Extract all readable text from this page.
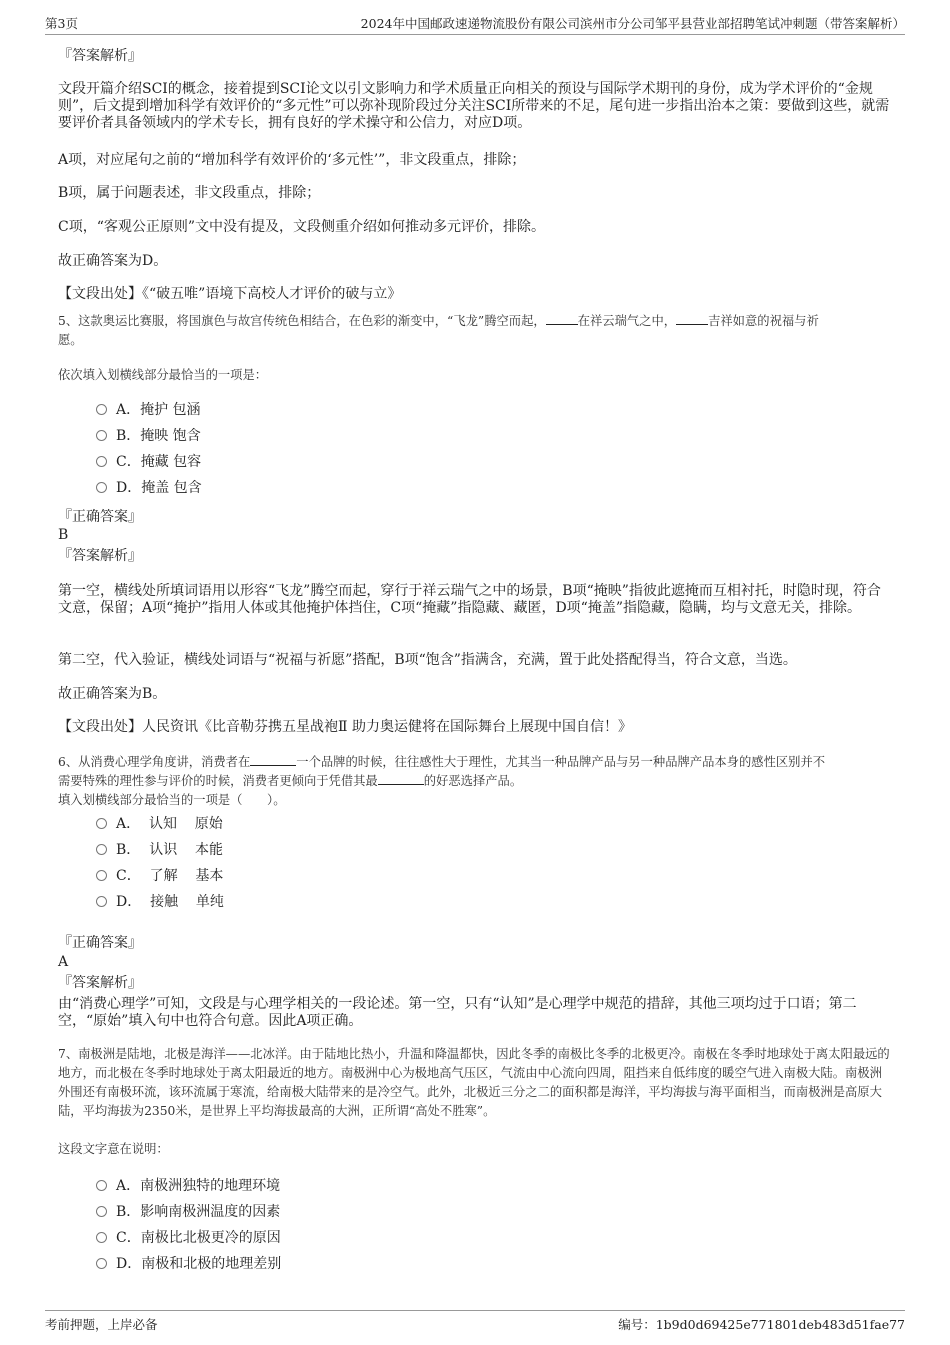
第3页	2024年中国邮政速递物流股份有限公司滨州市分公司邹平县营业部招聘笔试冲刺题（带答案解析）
『答案解析』
文段开篇介绍SCI的概念，接着提到SCI论文以引文影响力和学术质量正向相关的预设与国际学术期刊的身份，成为学术评价的“金规则”，后文提到增加科学有效评价的“多元性”可以弥补现阶段过分关注SCI所带来的不足，尾句进一步指出治本之策：要做到这些，就需要评价者具备领域内的学术专长，拥有良好的学术操守和公信力，对应D项。
A项，对应尾句之前的“增加科学有效评价的‘多元性’”，非文段重点，排除；
B项，属于问题表述，非文段重点，排除；
C项，“客观公正原则”文中没有提及，文段侧重介绍如何推动多元评价，排除。
故正确答案为D。
【文段出处】《“破五唯”语境下高校人才评价的破与立》
5、这款奥运比赛服，将国旗色与故宫传统色相结合，在色彩的渐变中，“飞龙”腾空而起，	在祥云瑞气之中，	吉祥如意的祝福与祈
愿。
依次填入划横线部分最恰当的一项是：
A．掩护 包涵
B．掩映 饱含
C．掩藏 包容
D．掩盖 包含
『正确答案』
B
『答案解析』
第一空，横线处所填词语用以形容“飞龙”腾空而起，穿行于祥云瑞气之中的场景，B项“掩映”指彼此遮掩而互相衬托，时隐时现，符合文意，保留；A项“掩护”指用人体或其他掩护体挡住，C项“掩藏”指隐藏、藏匿，D项“掩盖”指隐藏，隐瞒，均与文意无关，排除。
第二空，代入验证，横线处词语与“祝福与祈愿”搭配，B项“饱含”指满含，充满，置于此处搭配得当，符合文意，当选。
故正确答案为B。
【文段出处】人民资讯《比音勒芬携五星战袍Ⅱ 助力奥运健将在国际舞台上展现中国自信！》
6、从消费心理学角度讲，消费者在	一个品牌的时候，往往感性大于理性，尤其当一种品牌产品与另一种品牌产品本身的感性区别并不
需要特殊的理性参与评价的时候，消费者更倾向于凭借其最	的好恶选择产品。
填入划横线部分最恰当的一项是（　　）。
A．  认知    原始
B．  认识    本能
C．  了解    基本
D．  接触    单纯
『正确答案』
A
『答案解析』
由“消费心理学”可知，文段是与心理学相关的一段论述。第一空，只有“认知”是心理学中规范的措辞，其他三项均过于口语；第二空，“原始”填入句中也符合句意。因此A项正确。
7、南极洲是陆地，北极是海洋——北冰洋。由于陆地比热小，升温和降温都快，因此冬季的南极比冬季的北极更冷。南极在冬季时地球处于离太阳最远的地方，而北极在冬季时地球处于离太阳最近的地方。南极洲中心为极地高气压区，气流由中心流向四周，阻挡来自低纬度的暖空气进入南极大陆。南极洲外围还有南极环流，该环流属于寒流，给南极大陆带来的是冷空气。此外，北极近三分之二的面积都是海洋，平均海拔与海平面相当，而南极洲是高原大陆，平均海拔为2350米，是世界上平均海拔最高的大洲，正所谓“高处不胜寒”。
这段文字意在说明：
A．南极洲独特的地理环境
B．影响南极洲温度的因素
C．南极比北极更冷的原因
D．南极和北极的地理差别
考前押题，上岸必备	编号：1b9d0d69425e771801deb483d51fae77
